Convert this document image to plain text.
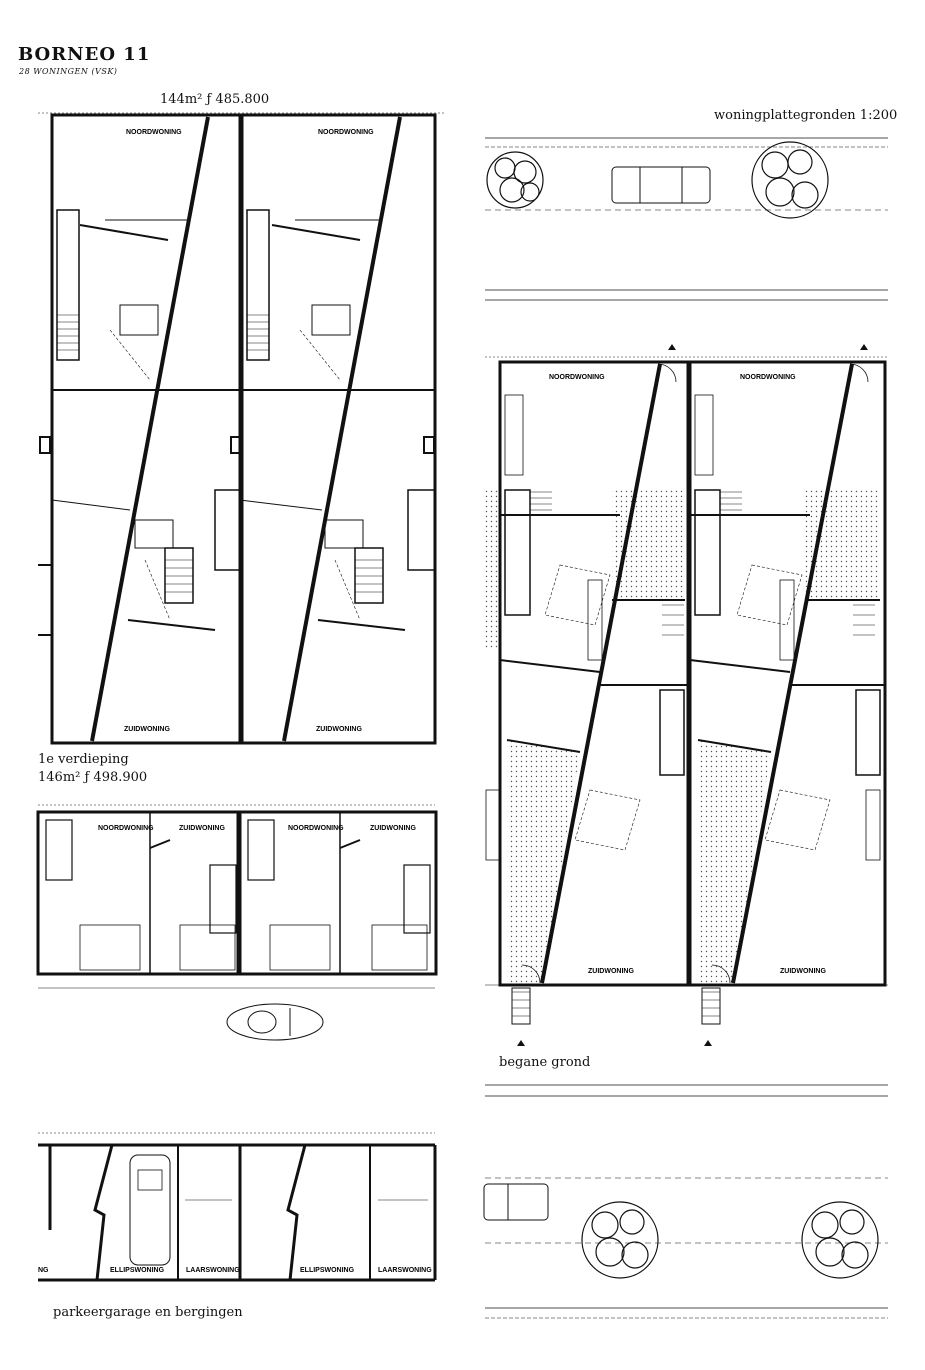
BORNEO 11
28 WONINGEN (VSK)
144m² ƒ 485.800
woningplattegronden 1:200
1e verdieping
146m² ƒ 498.900
begane grond
parkeergarage en bergingen
NOORDWONING	NOORDWONING
ZUIDWONING	ZUIDWONING
NOORDWONING	ZUIDWONING	NOORDWONING	ZUIDWONING
NG	ELLIPSWONING	LAARSWONING	ELLIPSWONING	LAARSWONING
NOORDWONING	NOORDWONING
ZUIDWONING	ZUIDWONING
